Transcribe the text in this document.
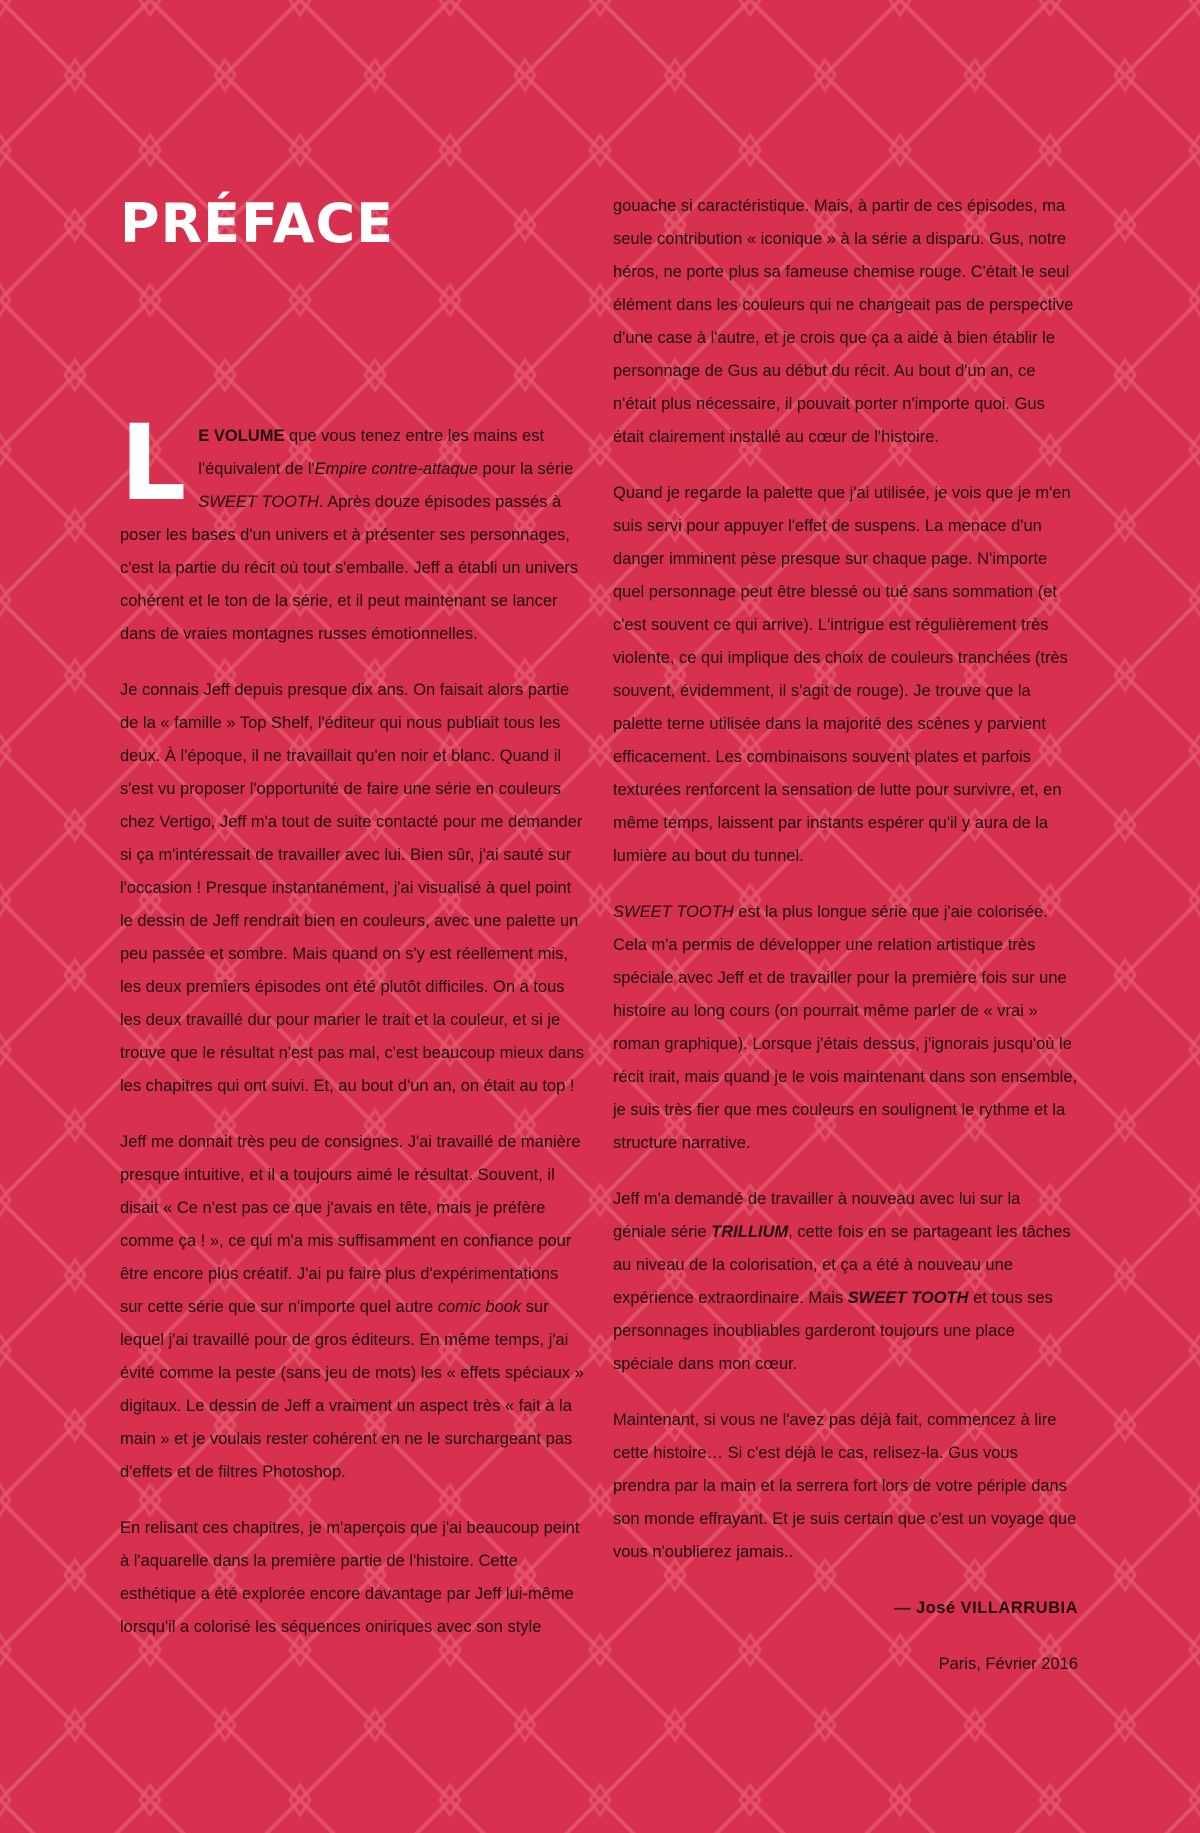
PRÉFACE

L E VOLUME que vous tenez entre les mains est l'équivalent de l'Empire contre-attaque pour la série SWEET TOOTH. Après douze épisodes passés à poser les bases d'un univers et à présenter ses personnages, c'est la partie du récit où tout s'emballe. Jeff a établi un univers cohérent et le ton de la série, et il peut maintenant se lancer dans de vraies montagnes russes émotionnelles.

Je connais Jeff depuis presque dix ans. On faisait alors partie de la « famille » Top Shelf, l'éditeur qui nous publiait tous les deux. À l'époque, il ne travaillait qu'en noir et blanc. Quand il s'est vu proposer l'opportunité de faire une série en couleurs chez Vertigo, Jeff m'a tout de suite contacté pour me demander si ça m'intéressait de travailler avec lui. Bien sûr, j'ai sauté sur l'occasion ! Presque instantanément, j'ai visualisé à quel point le dessin de Jeff rendrait bien en couleurs, avec une palette un peu passée et sombre. Mais quand on s'y est réellement mis, les deux premiers épisodes ont été plutôt difficiles. On a tous les deux travaillé dur pour marier le trait et la couleur, et si je trouve que le résultat n'est pas mal, c'est beaucoup mieux dans les chapitres qui ont suivi. Et, au bout d'un an, on était au top !

Jeff me donnait très peu de consignes. J'ai travaillé de manière presque intuitive, et il a toujours aimé le résultat. Souvent, il disait « Ce n'est pas ce que j'avais en tête, mais je préfère comme ça ! », ce qui m'a mis suffisamment en confiance pour être encore plus créatif. J'ai pu faire plus d'expérimentations sur cette série que sur n'importe quel autre comic book sur lequel j'ai travaillé pour de gros éditeurs. En même temps, j'ai évité comme la peste (sans jeu de mots) les « effets spéciaux » digitaux. Le dessin de Jeff a vraiment un aspect très « fait à la main » et je voulais rester cohérent en ne le surchargeant pas d'effets et de filtres Photoshop.

En relisant ces chapitres, je m'aperçois que j'ai beaucoup peint à l'aquarelle dans la première partie de l'histoire. Cette esthétique a été explorée encore davantage par Jeff lui-même lorsqu'il a colorisé les séquences oniriques avec son style

gouache si caractéristique. Mais, à partir de ces épisodes, ma seule contribution « iconique » à la série a disparu. Gus, notre héros, ne porte plus sa fameuse chemise rouge. C'était le seul élément dans les couleurs qui ne changeait pas de perspective d'une case à l'autre, et je crois que ça a aidé à bien établir le personnage de Gus au début du récit. Au bout d'un an, ce n'était plus nécessaire, il pouvait porter n'importe quoi. Gus était clairement installé au cœur de l'histoire.

Quand je regarde la palette que j'ai utilisée, je vois que je m'en suis servi pour appuyer l'effet de suspens. La menace d'un danger imminent pèse presque sur chaque page. N'importe quel personnage peut être blessé ou tué sans sommation (et c'est souvent ce qui arrive). L'intrigue est régulièrement très violente, ce qui implique des choix de couleurs tranchées (très souvent, évidemment, il s'agit de rouge). Je trouve que la palette terne utilisée dans la majorité des scènes y parvient efficacement. Les combinaisons souvent plates et parfois texturées renforcent la sensation de lutte pour survivre, et, en même temps, laissent par instants espérer qu'il y aura de la lumière au bout du tunnel.

SWEET TOOTH est la plus longue série que j'aie colorisée. Cela m'a permis de développer une relation artistique très spéciale avec Jeff et de travailler pour la première fois sur une histoire au long cours (on pourrait même parler de « vrai » roman graphique). Lorsque j'étais dessus, j'ignorais jusqu'où le récit irait, mais quand je le vois maintenant dans son ensemble, je suis très fier que mes couleurs en soulignent le rythme et la structure narrative.

Jeff m'a demandé de travailler à nouveau avec lui sur la géniale série TRILLIUM, cette fois en se partageant les tâches au niveau de la colorisation, et ça a été à nouveau une expérience extraordinaire. Mais SWEET TOOTH et tous ses personnages inoubliables garderont toujours une place spéciale dans mon cœur.

Maintenant, si vous ne l'avez pas déjà fait, commencez à lire cette histoire… Si c'est déjà le cas, relisez-la. Gus vous prendra par la main et la serrera fort lors de votre périple dans son monde effrayant. Et je suis certain que c'est un voyage que vous n'oublierez jamais..

— José VILLARRUBIA

Paris, Février 2016
